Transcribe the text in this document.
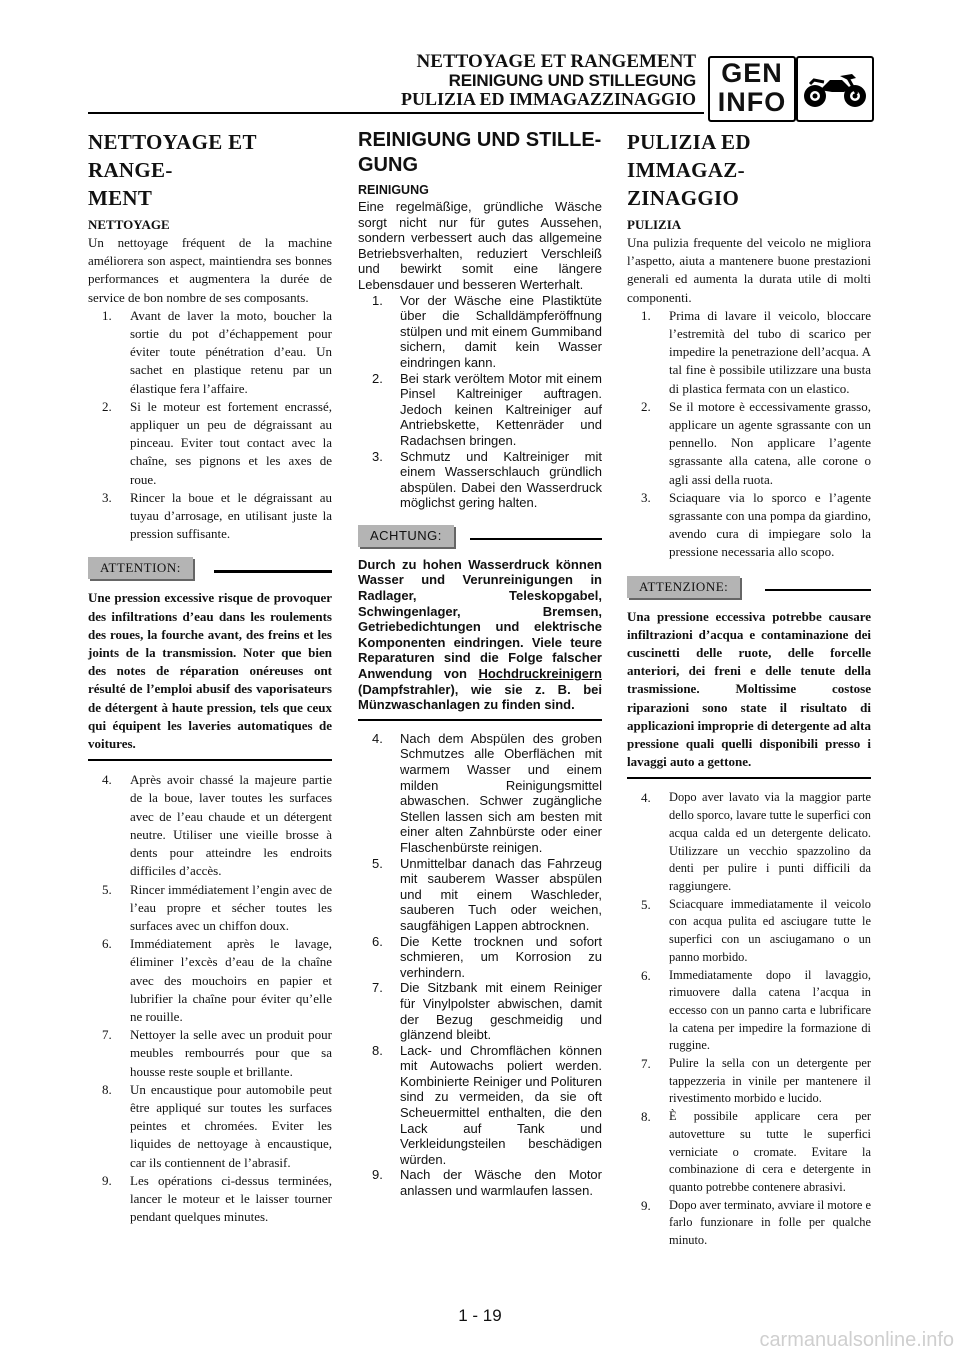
NETTOYAGE ET RANGEMENT
REINIGUNG UND STILLEGUNG
PULIZIA ED IMMAGAZZINAGGIO
GEN
INFO
NETTOYAGE ET RANGE-
MENT
NETTOYAGE

Un nettoyage fréquent de la machine améliorera son aspect, maintiendra ses bonnes performances et augmentera la durée de service de bon nombre de ses composants.

1.	Avant de laver la moto, boucher la sortie du pot d’échappement pour éviter toute pénétration d’eau. Un sachet en plastique retenu par un élastique fera l’affaire.
2.	Si le moteur est fortement encrassé, appliquer un peu de dégraissant au pinceau. Eviter tout contact avec la chaîne, ses pignons et les axes de roue.
3.	Rincer la boue et le dégraissant au tuyau d’arrosage, en utilisant juste la pression suffisante.
ATTENTION:

Une pression excessive risque de provoquer des infiltrations d’eau dans les roulements des roues, la fourche avant, des freins et les joints de la transmission. Noter que bien des notes de réparation onéreuses ont résulté de l’emploi abusif des vaporisateurs de détergent à haute pression, tels que ceux qui équipent les laveries automatiques de voitures.

4.	Après avoir chassé la majeure partie de la boue, laver toutes les surfaces avec de l’eau chaude et un détergent neutre. Utiliser une vieille brosse à dents pour atteindre les endroits difficiles d’accès.
5.	Rincer immédiatement l’engin avec de l’eau propre et sécher toutes les surfaces avec un chiffon doux.
6.	Immédiatement après le lavage, éliminer l’excès d’eau de la chaîne avec des mouchoirs en papier et lubrifier la chaîne pour éviter qu’elle ne rouille.
7.	Nettoyer la selle avec un produit pour meubles rembourrés pour que sa housse reste souple et brillante.
8.	Un encaustique pour automobile peut être appliqué sur toutes les surfaces peintes et chromées. Eviter les liquides de nettoyage à encaustique, car ils contiennent de l’abrasif.
9.	Les opérations ci-dessus terminées, lancer le moteur et le laisser tourner pendant quelques minutes.
REINIGUNG UND STILLE-
GUNG
REINIGUNG

Eine regelmäßige, gründliche Wäsche sorgt nicht nur für gutes Aussehen, sondern verbessert auch das allgemeine Betriebsverhalten, reduziert Verschleiß und bewirkt somit eine längere Lebensdauer und besseren Werterhalt.

1.	Vor der Wäsche eine Plastiktüte über die Schalldämpferöffnung stülpen und mit einem Gummiband sichern, damit kein Wasser eindringen kann.
2.	Bei stark veröltem Motor mit einem Pinsel Kaltreiniger auftragen. Jedoch keinen Kaltreiniger auf Antriebskette, Kettenräder und Radachsen bringen.
3.	Schmutz und Kaltreiniger mit einem Wasserschlauch gründlich abspülen. Dabei den Wasserdruck möglichst gering halten.
ACHTUNG:

Durch zu hohen Wasserdruck können Wasser und Verunreinigungen in Radlager, Teleskopgabel, Schwingenlager, Bremsen, Getriebedichtungen und elektrische Komponenten eindringen. Viele teure Reparaturen sind die Folge falscher Anwendung von Hochdruckreinigern (Dampfstrahler), wie sie z. B. bei Münzwaschanlagen zu finden sind.

4.	Nach dem Abspülen des groben Schmutzes alle Oberflächen mit warmem Wasser und einem milden Reinigungsmittel abwaschen. Schwer zugängliche Stellen lassen sich am besten mit einer alten Zahnbürste oder einer Flaschenbürste reinigen.
5.	Unmittelbar danach das Fahrzeug mit sauberem Wasser abspülen und mit einem Waschleder, sauberen Tuch oder weichen, saugfähigen Lappen abtrocknen.
6.	Die Kette trocknen und sofort schmieren, um Korrosion zu verhindern.
7.	Die Sitzbank mit einem Reiniger für Vinylpolster abwischen, damit der Bezug geschmeidig und glänzend bleibt.
8.	Lack- und Chromflächen können mit Autowachs poliert werden. Kombinierte Reiniger und Polituren sind zu vermeiden, da sie oft Scheuermittel enthalten, die den Lack auf Tank und Verkleidungsteilen beschädigen würden.
9.	Nach der Wäsche den Motor anlassen und warmlaufen lassen.
PULIZIA ED IMMAGAZ-
ZINAGGIO
PULIZIA

Una pulizia frequente del veicolo ne migliora l’aspetto, aiuta a mantenere buone prestazioni generali ed aumenta la durata utile di molti componenti.

1.	Prima di lavare il veicolo, bloccare l’estremità del tubo di scarico per impedire la penetrazione dell’acqua. A tal fine è possibile utilizzare una busta di plastica fermata con un elastico.
2.	Se il motore è eccessivamente grasso, applicare un agente sgrassante con un pennello. Non applicare l’agente sgrassante alla catena, alle corone o agli assi della ruota.
3.	Sciaquare via lo sporco e l’agente sgrassante con una pompa da giardino, avendo cura di impiegare solo la pressione necessaria allo scopo.
ATTENZIONE:

Una pressione eccessiva potrebbe causare infiltrazioni d’acqua e contaminazione dei cuscinetti delle ruote, delle forcelle anteriori, dei freni e delle tenute della trasmissione. Moltissime costose riparazioni sono state il risultato di applicazioni improprie di detergente ad alta pressione quali quelli disponibili presso i lavaggi auto a gettone.

4.	Dopo aver lavato via la maggior parte dello sporco, lavare tutte le superfici con acqua calda ed un detergente delicato. Utilizzare un vecchio spazzolino da denti per pulire i punti difficili da raggiungere.
5.	Sciacquare immediatamente il veicolo con acqua pulita ed asciugare tutte le superfici con un asciugamano o un panno morbido.
6.	Immediatamente dopo il lavaggio, rimuovere dalla catena l’acqua in eccesso con un panno carta e lubrificare la catena per impedire la formazione di ruggine.
7.	Pulire la sella con un detergente per tappezzeria in vinile per mantenere il rivestimento morbido e lucido.
8.	È possibile applicare cera per autovetture su tutte le superfici verniciate o cromate. Evitare la combinazione di cera e detergente in quanto potrebbe contenere abrasivi.
9.	Dopo aver terminato, avviare il motore e farlo funzionare in folle per qualche minuto.
1 - 19
carmanualsonline.info
